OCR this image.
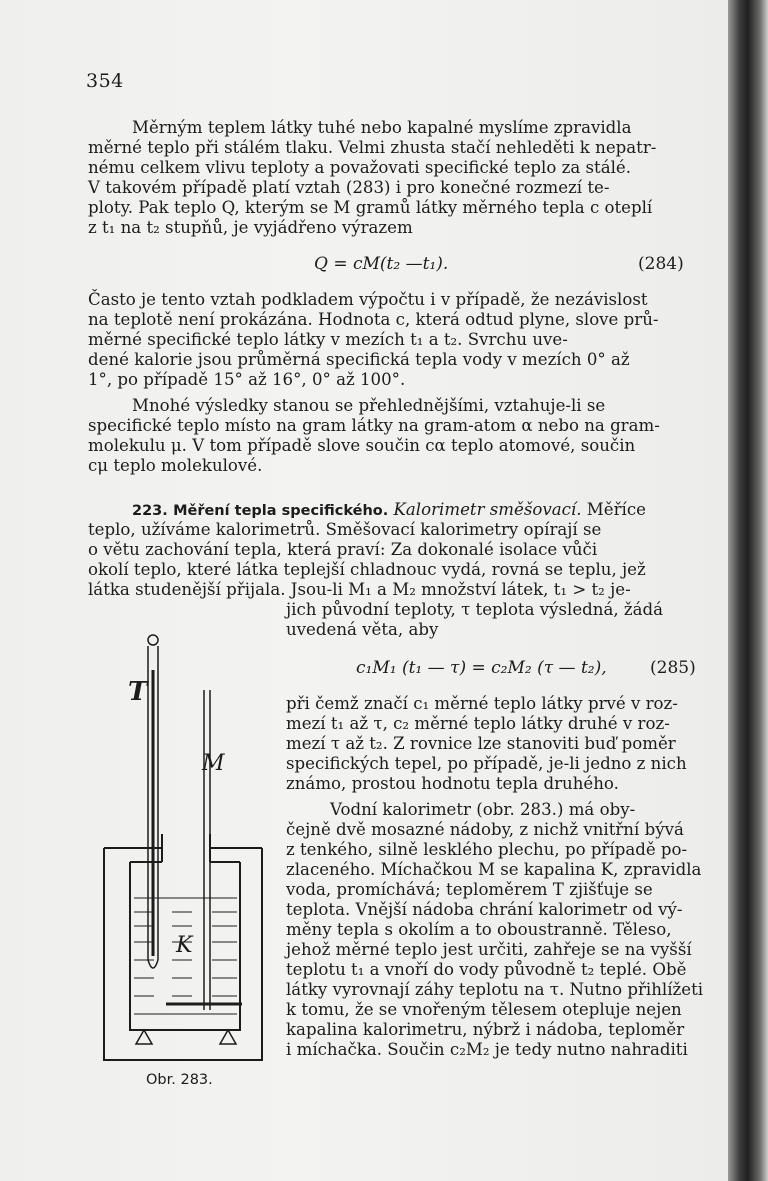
354
Měrným teplem látky tuhé nebo kapalné myslíme zpravidla
měrné teplo při stálém tlaku. Velmi zhusta stačí nehleděti k nepatr-
nému celkem vlivu teploty a považovati specifické teplo za stálé.
V takovém případě platí vztah (283) i pro konečné rozmezí te-
ploty. Pak teplo Q, kterým se M gramů látky měrného tepla c oteplí
z t₁ na t₂ stupňů, je vyjádřeno výrazem
Q = cM(t₂ —t₁).	(284)
Často je tento vztah podkladem výpočtu i v případě, že nezávislost
na teplotě není prokázána. Hodnota c, která odtud plyne, slove prů-
měrné specifické teplo látky v mezích t₁ a t₂. Svrchu uve-
dené kalorie jsou průměrná specifická tepla vody v mezích 0° až
1°, po případě 15° až 16°, 0° až 100°.
Mnohé výsledky stanou se přehlednějšími, vztahuje-li se
specifické teplo místo na gram látky na gram-atom α nebo na gram-
molekulu μ. V tom případě slove součin cα teplo atomové, součin
cμ teplo molekulové.
223. Měření tepla specifického. Kalorimetr směšovací. Měříce
teplo, užíváme kalorimetrů. Směšovací kalorimetry opírají se
o větu zachování tepla, která praví: Za dokonalé isolace vůči
okolí teplo, které látka teplejší chladnouc vydá, rovná se teplu, jež
látka studenější přijala. Jsou-li M₁ a M₂ množství látek, t₁ > t₂ je-
jich původní teploty, τ teplota výsledná, žádá
uvedená věta, aby
c₁M₁ (t₁ — τ) = c₂M₂ (τ — t₂),	(285)
při čemž značí c₁ měrné teplo látky prvé v roz-
mezí t₁ až τ, c₂ měrné teplo látky druhé v roz-
mezí τ až t₂. Z rovnice lze stanoviti buď poměr
specifických tepel, po případě, je-li jedno z nich
známo, prostou hodnotu tepla druhého.
Vodní kalorimetr (obr. 283.) má oby-
čejně dvě mosazné nádoby, z nichž vnitřní bývá
z tenkého, silně lesklého plechu, po případě po-
zlaceného. Míchačkou M se kapalina K, zpravidla
voda, promíchává; teploměrem T zjišťuje se
teplota. Vnější nádoba chrání kalorimetr od vý-
měny tepla s okolím a to oboustranně. Těleso,
jehož měrné teplo jest určiti, zahřeje se na vyšší
teplotu t₁ a vnoří do vody původně t₂ teplé. Obě
látky vyrovnají záhy teplotu na τ. Nutno přihlížeti
k tomu, že se vnořeným tělesem otepluje nejen
kapalina kalorimetru, nýbrž i nádoba, teploměr
i míchačka. Součin c₂M₂ je tedy nutno nahraditi
T
M
K
Obr. 283.
